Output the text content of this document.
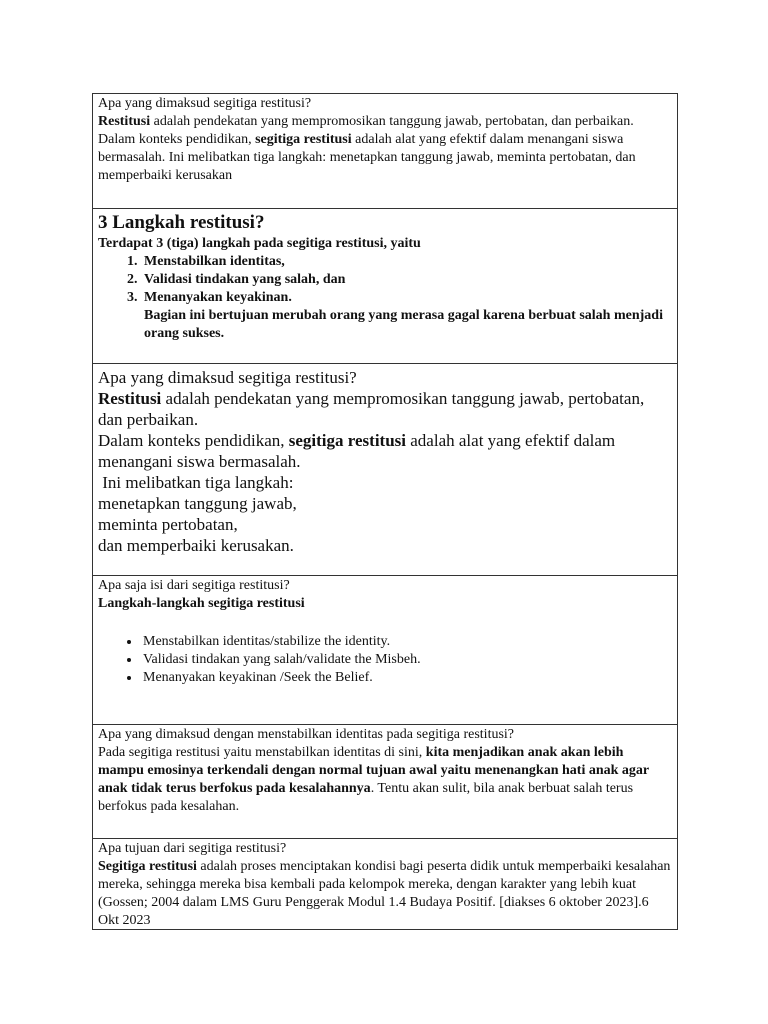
Apa yang dimaksud segitiga restitusi?

Restitusi adalah pendekatan yang mempromosikan tanggung jawab, pertobatan, dan perbaikan. Dalam konteks pendidikan, segitiga restitusi adalah alat yang efektif dalam menangani siswa bermasalah. Ini melibatkan tiga langkah: menetapkan tanggung jawab, meminta pertobatan, dan memperbaiki kerusakan

3 Langkah restitusi?

Terdapat 3 (tiga) langkah pada segitiga restitusi, yaitu

1. Menstabilkan identitas,
2. Validasi tindakan yang salah, dan
3. Menanyakan keyakinan.

Bagian ini bertujuan merubah orang yang merasa gagal karena berbuat salah menjadi orang sukses.

Apa yang dimaksud segitiga restitusi?

Restitusi adalah pendekatan yang mempromosikan tanggung jawab, pertobatan, dan perbaikan.

Dalam konteks pendidikan, segitiga restitusi adalah alat yang efektif dalam menangani siswa bermasalah.

Ini melibatkan tiga langkah:

menetapkan tanggung jawab,

meminta pertobatan,

dan memperbaiki kerusakan.

Apa saja isi dari segitiga restitusi?

Langkah-langkah segitiga restitusi

• Menstabilkan identitas/stabilize the identity.
• Validasi tindakan yang salah/validate the Misbeh.
• Menanyakan keyakinan /Seek the Belief.

Apa yang dimaksud dengan menstabilkan identitas pada segitiga restitusi?

Pada segitiga restitusi yaitu menstabilkan identitas di sini, kita menjadikan anak akan lebih mampu emosinya terkendali dengan normal tujuan awal yaitu menenangkan hati anak agar anak tidak terus berfokus pada kesalahannya. Tentu akan sulit, bila anak berbuat salah terus berfokus pada kesalahan.

Apa tujuan dari segitiga restitusi?

Segitiga restitusi adalah proses menciptakan kondisi bagi peserta didik untuk memperbaiki kesalahan mereka, sehingga mereka bisa kembali pada kelompok mereka, dengan karakter yang lebih kuat (Gossen; 2004 dalam LMS Guru Penggerak Modul 1.4 Budaya Positif. [diakses 6 oktober 2023].6 Okt 2023
